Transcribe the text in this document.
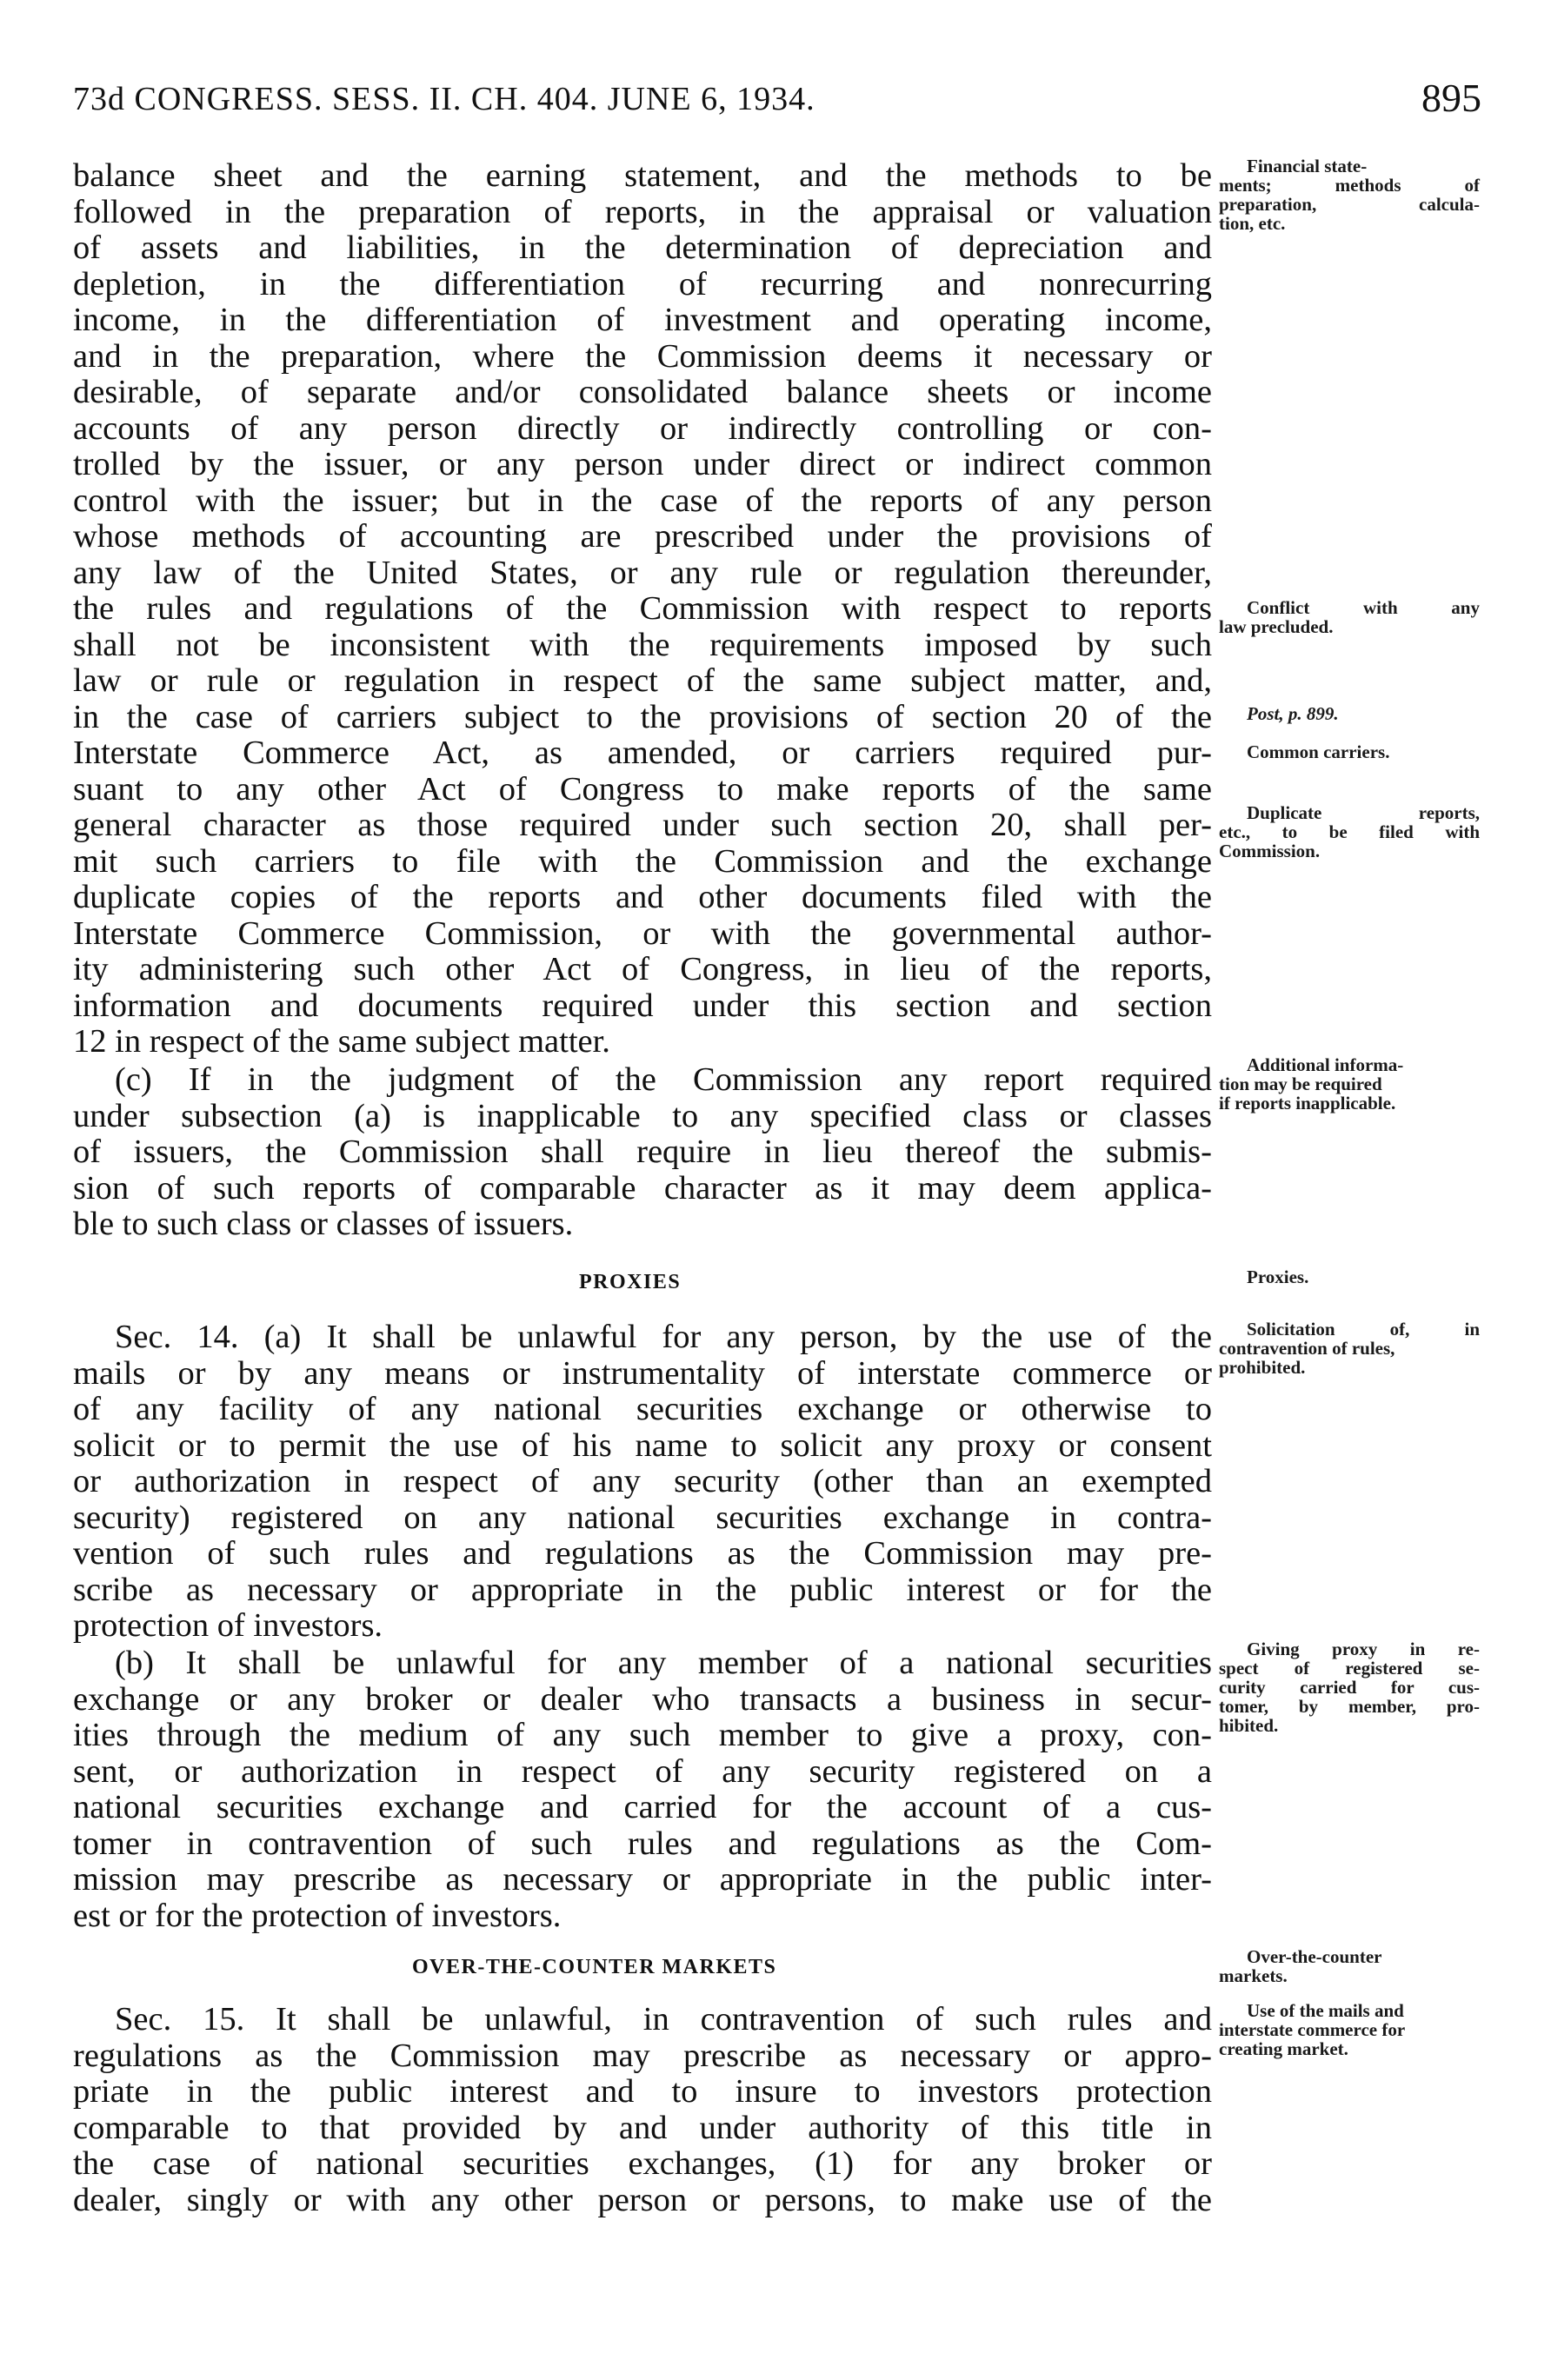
73d CONGRESS. SESS. II. CH. 404. JUNE 6, 1934.	895
balance sheet and the earning statement, and the methods to be
followed in the preparation of reports, in the appraisal or valuation
of assets and liabilities, in the determination of depreciation and
depletion, in the differentiation of recurring and nonrecurring
income, in the differentiation of investment and operating income,
and in the preparation, where the Commission deems it necessary or
desirable, of separate and/or consolidated balance sheets or income
accounts of any person directly or indirectly controlling or con-
trolled by the issuer, or any person under direct or indirect common
control with the issuer; but in the case of the reports of any person
whose methods of accounting are prescribed under the provisions of
any law of the United States, or any rule or regulation thereunder,
the rules and regulations of the Commission with respect to reports
shall not be inconsistent with the requirements imposed by such
law or rule or regulation in respect of the same subject matter, and,
in the case of carriers subject to the provisions of section 20 of the
Interstate Commerce Act, as amended, or carriers required pur-
suant to any other Act of Congress to make reports of the same
general character as those required under such section 20, shall per-
mit such carriers to file with the Commission and the exchange
duplicate copies of the reports and other documents filed with the
Interstate Commerce Commission, or with the governmental author-
ity administering such other Act of Congress, in lieu of the reports,
information and documents required under this section and section
12 in respect of the same subject matter.
(c) If in the judgment of the Commission any report required
under subsection (a) is inapplicable to any specified class or classes
of issuers, the Commission shall require in lieu thereof the submis-
sion of such reports of comparable character as it may deem applica-
ble to such class or classes of issuers.
PROXIES
Sec. 14. (a) It shall be unlawful for any person, by the use of the
mails or by any means or instrumentality of interstate commerce or
of any facility of any national securities exchange or otherwise to
solicit or to permit the use of his name to solicit any proxy or consent
or authorization in respect of any security (other than an exempted
security) registered on any national securities exchange in contra-
vention of such rules and regulations as the Commission may pre-
scribe as necessary or appropriate in the public interest or for the
protection of investors.
(b) It shall be unlawful for any member of a national securities
exchange or any broker or dealer who transacts a business in secur-
ities through the medium of any such member to give a proxy, con-
sent, or authorization in respect of any security registered on a
national securities exchange and carried for the account of a cus-
tomer in contravention of such rules and regulations as the Com-
mission may prescribe as necessary or appropriate in the public inter-
est or for the protection of investors.
OVER-THE-COUNTER MARKETS
Sec. 15. It shall be unlawful, in contravention of such rules and
regulations as the Commission may prescribe as necessary or appro-
priate in the public interest and to insure to investors protection
comparable to that provided by and under authority of this title in
the case of national securities exchanges, (1) for any broker or
dealer, singly or with any other person or persons, to make use of the
Financial state-
ments; methods of
preparation, calcula-
tion, etc.
Conflict with any
law precluded.
Post, p. 899.
Common carriers.
Duplicate reports,
etc., to be filed with
Commission.
Additional informa-
tion may be required
if reports inapplicable.
Proxies.
Solicitation of, in
contravention of rules,
prohibited.
Giving proxy in re-
spect of registered se-
curity carried for cus-
tomer, by member, pro-
hibited.
Over-the-counter
markets.
Use of the mails and
interstate commerce for
creating market.
